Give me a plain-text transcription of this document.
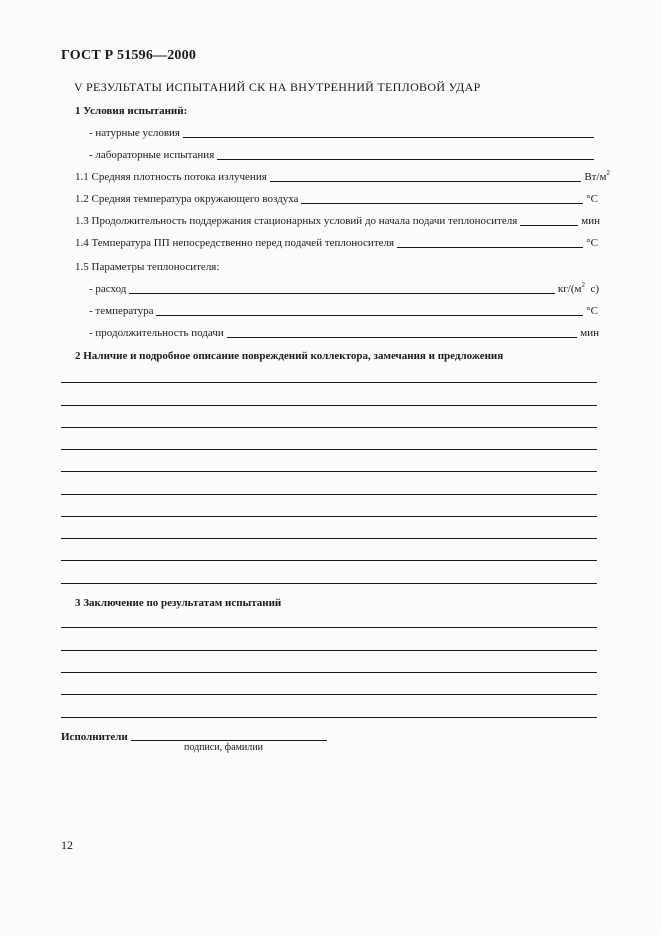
ГОСТ Р 51596—2000
V РЕЗУЛЬТАТЫ ИСПЫТАНИЙ СК НА ВНУТРЕННИЙ ТЕПЛОВОЙ УДАР
1 Условия испытаний:
- натурные условия
- лабораторные испытания
1.1 Средняя плотность потока излучения	$Вт/м^2$
1.2 Средняя температура окружающего воздуха	°С
1.3 Продолжительность поддержания стационарных условий до начала подачи теплоносителя	мин
1.4 Температура ПП непосредственно перед подачей теплоносителя	°С
1.5 Параметры теплоносителя:
- расход	$кг/(м^2$  с)
- температура	°С
- продолжительность подачи	мин
2 Наличие и подробное описание повреждений коллектора, замечания и предложения
3 Заключение по результатам испытаний
Исполнители
подписи, фамилии
12
